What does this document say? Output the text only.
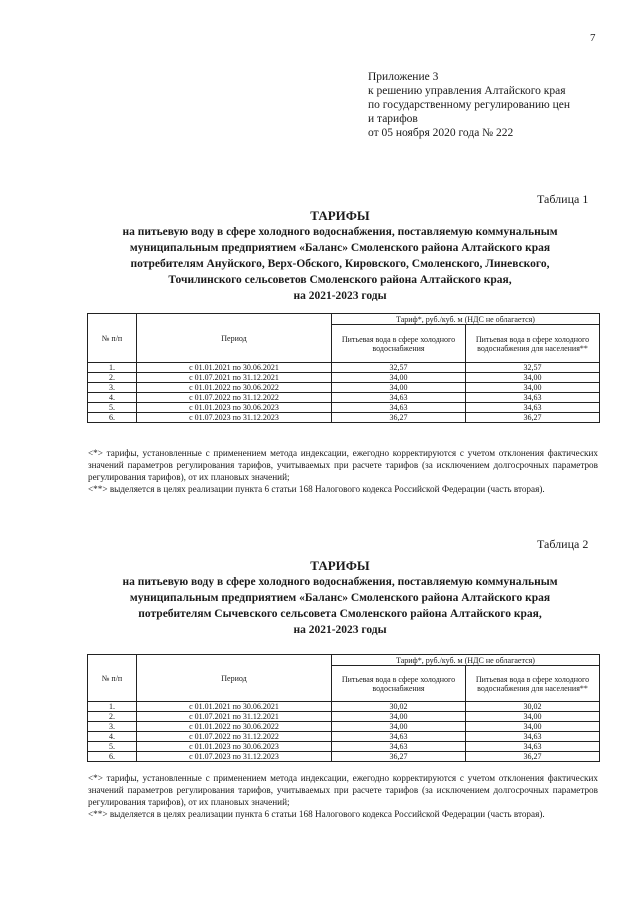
7
Приложение 3
к решению управления Алтайского края
по государственному регулированию цен
и тарифов
от 05 ноября 2020 года № 222
Таблица 1
ТАРИФЫ
на питьевую воду в сфере холодного водоснабжения, поставляемую коммунальным
муниципальным предприятием «Баланс» Смоленского района Алтайского края
потребителям Ануйского, Верх-Обского, Кировского, Смоленского, Линевского,
Точилинского сельсоветов Смоленского района Алтайского края,
на 2021-2023 годы
№ п/п	Период	Тариф*, руб./куб. м (НДС не облагается)	
		Питьевая вода в сфере холодного водоснабжения	Питьевая вода в сфере холодного водоснабжения для населения**
1.	с 01.01.2021 по 30.06.2021	32,57	32,57
2.	с 01.07.2021 по 31.12.2021	34,00	34,00
3.	с 01.01.2022 по 30.06.2022	34,00	34,00
4.	с 01.07.2022 по 31.12.2022	34,63	34,63
5.	с 01.01.2023 по 30.06.2023	34,63	34,63
6.	с 01.07.2023 по 31.12.2023	36,27	36,27

<*> тарифы, установленные с применением метода индексации, ежегодно корректируются с учетом отклонения фактических значений параметров регулирования тарифов, учитываемых при расчете тарифов (за исключением долгосрочных параметров регулирования тарифов), от их плановых значений;

<**> выделяется в целях реализации пункта 6 статьи 168 Налогового кодекса Российской Федерации (часть вторая).

Таблица 2
ТАРИФЫ
на питьевую воду в сфере холодного водоснабжения, поставляемую коммунальным
муниципальным предприятием «Баланс» Смоленского района Алтайского края
потребителям Сычевского сельсовета Смоленского района Алтайского края,
на 2021-2023 годы
№ п/п	Период	Тариф*, руб./куб. м (НДС не облагается)	
		Питьевая вода в сфере холодного водоснабжения	Питьевая вода в сфере холодного водоснабжения для населения**
1.	с 01.01.2021 по 30.06.2021	30,02	30,02
2.	с 01.07.2021 по 31.12.2021	34,00	34,00
3.	с 01.01.2022 по 30.06.2022	34,00	34,00
4.	с 01.07.2022 по 31.12.2022	34,63	34,63
5.	с 01.01.2023 по 30.06.2023	34,63	34,63
6.	с 01.07.2023 по 31.12.2023	36,27	36,27

<*> тарифы, установленные с применением метода индексации, ежегодно корректируются с учетом отклонения фактических значений параметров регулирования тарифов, учитываемых при расчете тарифов (за исключением долгосрочных параметров регулирования тарифов), от их плановых значений;

<**> выделяется в целях реализации пункта 6 статьи 168 Налогового кодекса Российской Федерации (часть вторая).
